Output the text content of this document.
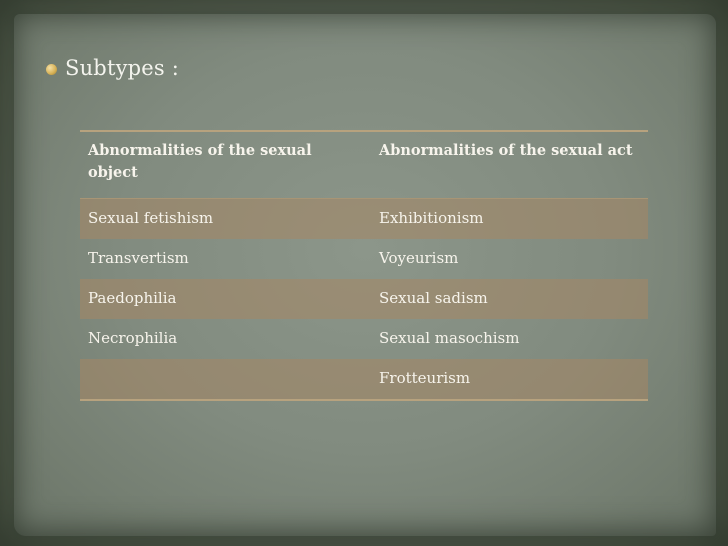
Subtypes :
Abnormalities of the sexual object	Abnormalities of the sexual act
Sexual fetishism	Exhibitionism
Transvertism	Voyeurism
Paedophilia	Sexual sadism
Necrophilia	Sexual masochism
	Frotteurism
